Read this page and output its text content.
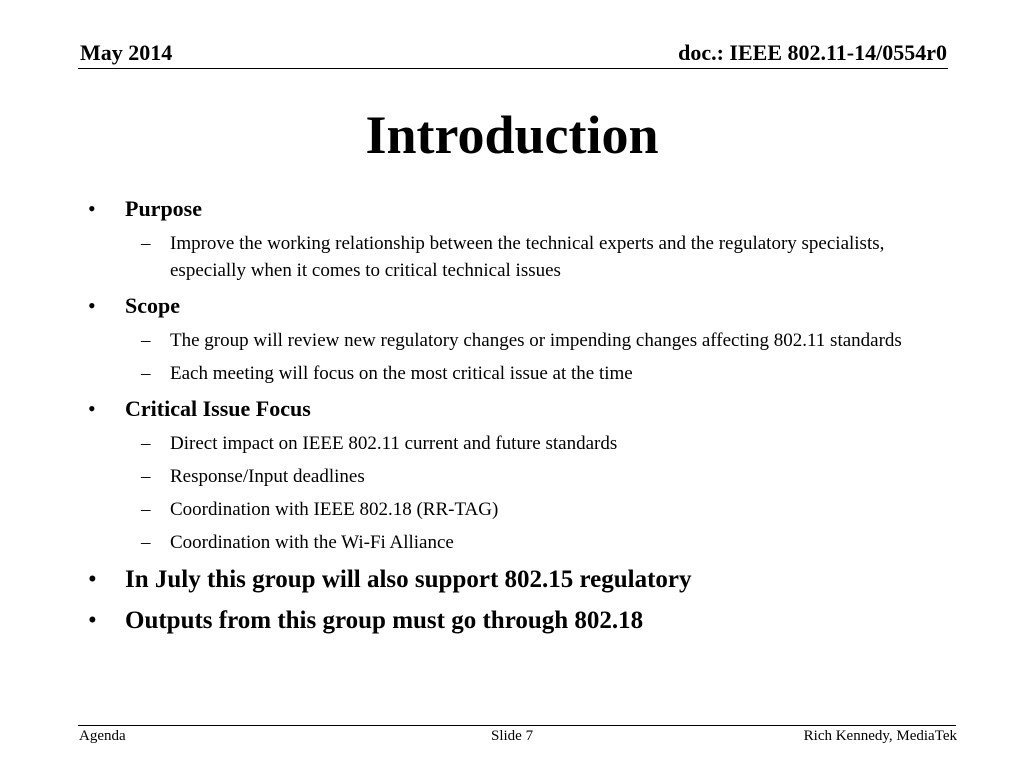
May 2014	doc.: IEEE 802.11-14/0554r0
Introduction
• Purpose
– Improve the working relationship between the technical experts and the regulatory specialists, especially when it comes to critical technical issues
• Scope
– The group will review new regulatory changes or impending changes affecting 802.11 standards
– Each meeting will focus on the most critical issue at the time
• Critical Issue Focus
– Direct impact on IEEE 802.11 current and future standards
– Response/Input deadlines
– Coordination with IEEE 802.18 (RR-TAG)
– Coordination with the Wi-Fi Alliance
• In July this group will also support 802.15 regulatory
• Outputs from this group must go through 802.18
Agenda	Slide 7	Rich Kennedy, MediaTek
